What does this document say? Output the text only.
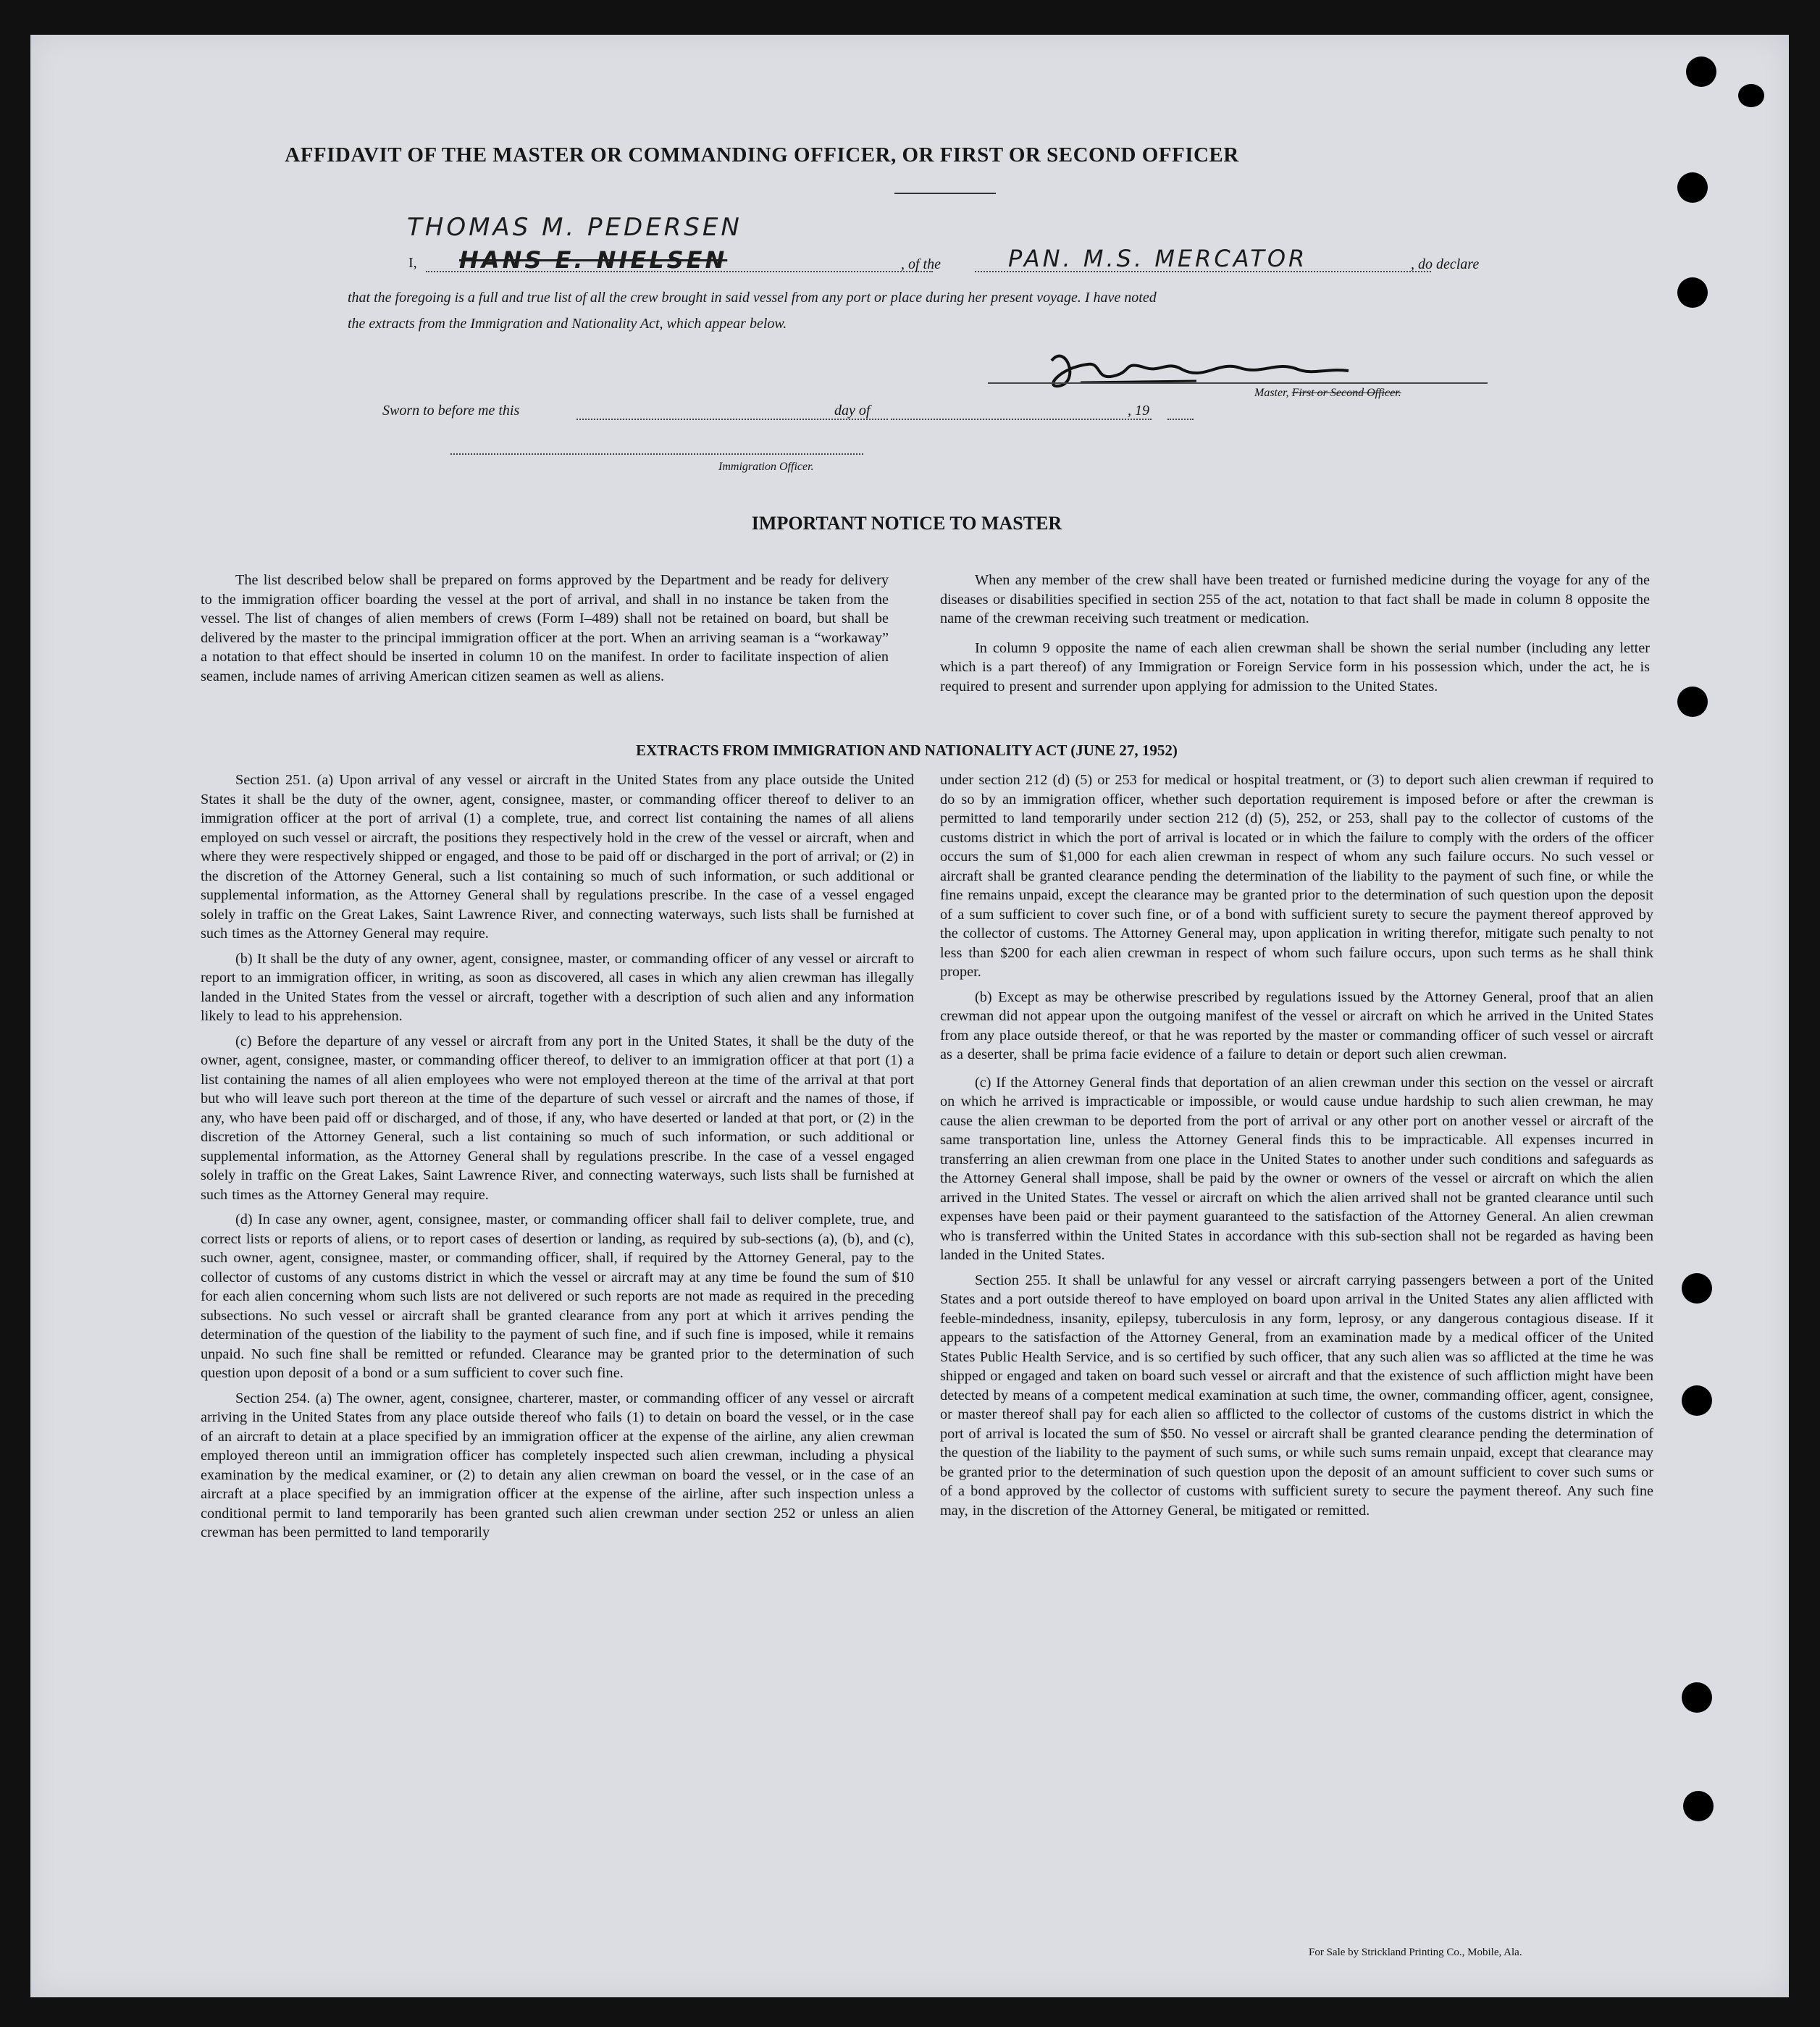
AFFIDAVIT OF THE MASTER OR COMMANDING OFFICER, OR FIRST OR SECOND OFFICER
THOMAS M. PEDERSEN
I, HANS E. NIELSEN	, of the	PAN. M.S. MERCATOR	, do declare
that the foregoing is a full and true list of all the crew brought in said vessel from any port or place during her present voyage. I have noted
the extracts from the Immigration and Nationality Act, which appear below.
Master, First or Second Officer.
Sworn to before me this	day of	, 19
Immigration Officer.
IMPORTANT NOTICE TO MASTER

The list described below shall be prepared on forms approved by the Department and be ready for delivery to the immigration officer boarding the vessel at the port of arrival, and shall in no instance be taken from the vessel. The list of changes of alien members of crews (Form I–489) shall not be retained on board, but shall be delivered by the master to the principal immigration officer at the port. When an arriving seaman is a “workaway” a notation to that effect should be inserted in column 10 on the manifest. In order to facilitate inspection of alien seamen, include names of arriving American citizen seamen as well as aliens.

When any member of the crew shall have been treated or furnished medicine during the voyage for any of the diseases or disabilities specified in section 255 of the act, notation to that fact shall be made in column 8 opposite the name of the crewman receiving such treatment or medication.

In column 9 opposite the name of each alien crewman shall be shown the serial number (including any letter which is a part thereof) of any Immigration or Foreign Service form in his possession which, under the act, he is required to present and surrender upon applying for admission to the United States.

EXTRACTS FROM IMMIGRATION AND NATIONALITY ACT (JUNE 27, 1952)

Section 251. (a) Upon arrival of any vessel or aircraft in the United States from any place outside the United States it shall be the duty of the owner, agent, consignee, master, or commanding officer thereof to deliver to an immigration officer at the port of arrival (1) a complete, true, and correct list containing the names of all aliens employed on such vessel or aircraft, the positions they respectively hold in the crew of the vessel or aircraft, when and where they were respectively shipped or engaged, and those to be paid off or discharged in the port of arrival; or (2) in the discretion of the Attorney General, such a list containing so much of such information, or such additional or supplemental information, as the Attorney General shall by regulations prescribe. In the case of a vessel engaged solely in traffic on the Great Lakes, Saint Lawrence River, and connecting waterways, such lists shall be furnished at such times as the Attorney General may require.

(b) It shall be the duty of any owner, agent, consignee, master, or commanding officer of any vessel or aircraft to report to an immigration officer, in writing, as soon as discovered, all cases in which any alien crewman has illegally landed in the United States from the vessel or aircraft, together with a description of such alien and any information likely to lead to his apprehension.

(c) Before the departure of any vessel or aircraft from any port in the United States, it shall be the duty of the owner, agent, consignee, master, or commanding officer thereof, to deliver to an immigration officer at that port (1) a list containing the names of all alien employees who were not employed thereon at the time of the arrival at that port but who will leave such port thereon at the time of the departure of such vessel or aircraft and the names of those, if any, who have been paid off or discharged, and of those, if any, who have deserted or landed at that port, or (2) in the discretion of the Attorney General, such a list containing so much of such information, or such additional or supplemental information, as the Attorney General shall by regulations prescribe. In the case of a vessel engaged solely in traffic on the Great Lakes, Saint Lawrence River, and connecting waterways, such lists shall be furnished at such times as the Attorney General may require.

(d) In case any owner, agent, consignee, master, or commanding officer shall fail to deliver complete, true, and correct lists or reports of aliens, or to report cases of desertion or landing, as required by sub-sections (a), (b), and (c), such owner, agent, consignee, master, or commanding officer, shall, if required by the Attorney General, pay to the collector of customs of any customs district in which the vessel or aircraft may at any time be found the sum of $10 for each alien concerning whom such lists are not delivered or such reports are not made as required in the preceding subsections. No such vessel or aircraft shall be granted clearance from any port at which it arrives pending the determination of the question of the liability to the payment of such fine, and if such fine is imposed, while it remains unpaid. No such fine shall be remitted or refunded. Clearance may be granted prior to the determination of such question upon deposit of a bond or a sum sufficient to cover such fine.

Section 254. (a) The owner, agent, consignee, charterer, master, or commanding officer of any vessel or aircraft arriving in the United States from any place outside thereof who fails (1) to detain on board the vessel, or in the case of an aircraft to detain at a place specified by an immigration officer at the expense of the airline, any alien crewman employed thereon until an immigration officer has completely inspected such alien crewman, including a physical examination by the medical examiner, or (2) to detain any alien crewman on board the vessel, or in the case of an aircraft at a place specified by an immigration officer at the expense of the airline, after such inspection unless a conditional permit to land temporarily has been granted such alien crewman under section 252 or unless an alien crewman has been permitted to land temporarily

under section 212 (d) (5) or 253 for medical or hospital treatment, or (3) to deport such alien crewman if required to do so by an immigration officer, whether such deportation requirement is imposed before or after the crewman is permitted to land temporarily under section 212 (d) (5), 252, or 253, shall pay to the collector of customs of the customs district in which the port of arrival is located or in which the failure to comply with the orders of the officer occurs the sum of $1,000 for each alien crewman in respect of whom any such failure occurs. No such vessel or aircraft shall be granted clearance pending the determination of the liability to the payment of such fine, or while the fine remains unpaid, except the clearance may be granted prior to the determination of such question upon the deposit of a sum sufficient to cover such fine, or of a bond with sufficient surety to secure the payment thereof approved by the collector of customs. The Attorney General may, upon application in writing therefor, mitigate such penalty to not less than $200 for each alien crewman in respect of whom such failure occurs, upon such terms as he shall think proper.

(b) Except as may be otherwise prescribed by regulations issued by the Attorney General, proof that an alien crewman did not appear upon the outgoing manifest of the vessel or aircraft on which he arrived in the United States from any place outside thereof, or that he was reported by the master or commanding officer of such vessel or aircraft as a deserter, shall be prima facie evidence of a failure to detain or deport such alien crewman.

(c) If the Attorney General finds that deportation of an alien crewman under this section on the vessel or aircraft on which he arrived is impracticable or impossible, or would cause undue hardship to such alien crewman, he may cause the alien crewman to be deported from the port of arrival or any other port on another vessel or aircraft of the same transportation line, unless the Attorney General finds this to be impracticable. All expenses incurred in transferring an alien crewman from one place in the United States to another under such conditions and safeguards as the Attorney General shall impose, shall be paid by the owner or owners of the vessel or aircraft on which the alien arrived in the United States. The vessel or aircraft on which the alien arrived shall not be granted clearance until such expenses have been paid or their payment guaranteed to the satisfaction of the Attorney General. An alien crewman who is transferred within the United States in accordance with this sub-section shall not be regarded as having been landed in the United States.

Section 255. It shall be unlawful for any vessel or aircraft carrying passengers between a port of the United States and a port outside thereof to have employed on board upon arrival in the United States any alien afflicted with feeble-mindedness, insanity, epilepsy, tuberculosis in any form, leprosy, or any dangerous contagious disease. If it appears to the satisfaction of the Attorney General, from an examination made by a medical officer of the United States Public Health Service, and is so certified by such officer, that any such alien was so afflicted at the time he was shipped or engaged and taken on board such vessel or aircraft and that the existence of such affliction might have been detected by means of a competent medical examination at such time, the owner, commanding officer, agent, consignee, or master thereof shall pay for each alien so afflicted to the collector of customs of the customs district in which the port of arrival is located the sum of $50. No vessel or aircraft shall be granted clearance pending the determination of the question of the liability to the payment of such sums, or while such sums remain unpaid, except that clearance may be granted prior to the determination of such question upon the deposit of an amount sufficient to cover such sums or of a bond approved by the collector of customs with sufficient surety to secure the payment thereof. Any such fine may, in the discretion of the Attorney General, be mitigated or remitted.

For Sale by Strickland Printing Co., Mobile, Ala.
